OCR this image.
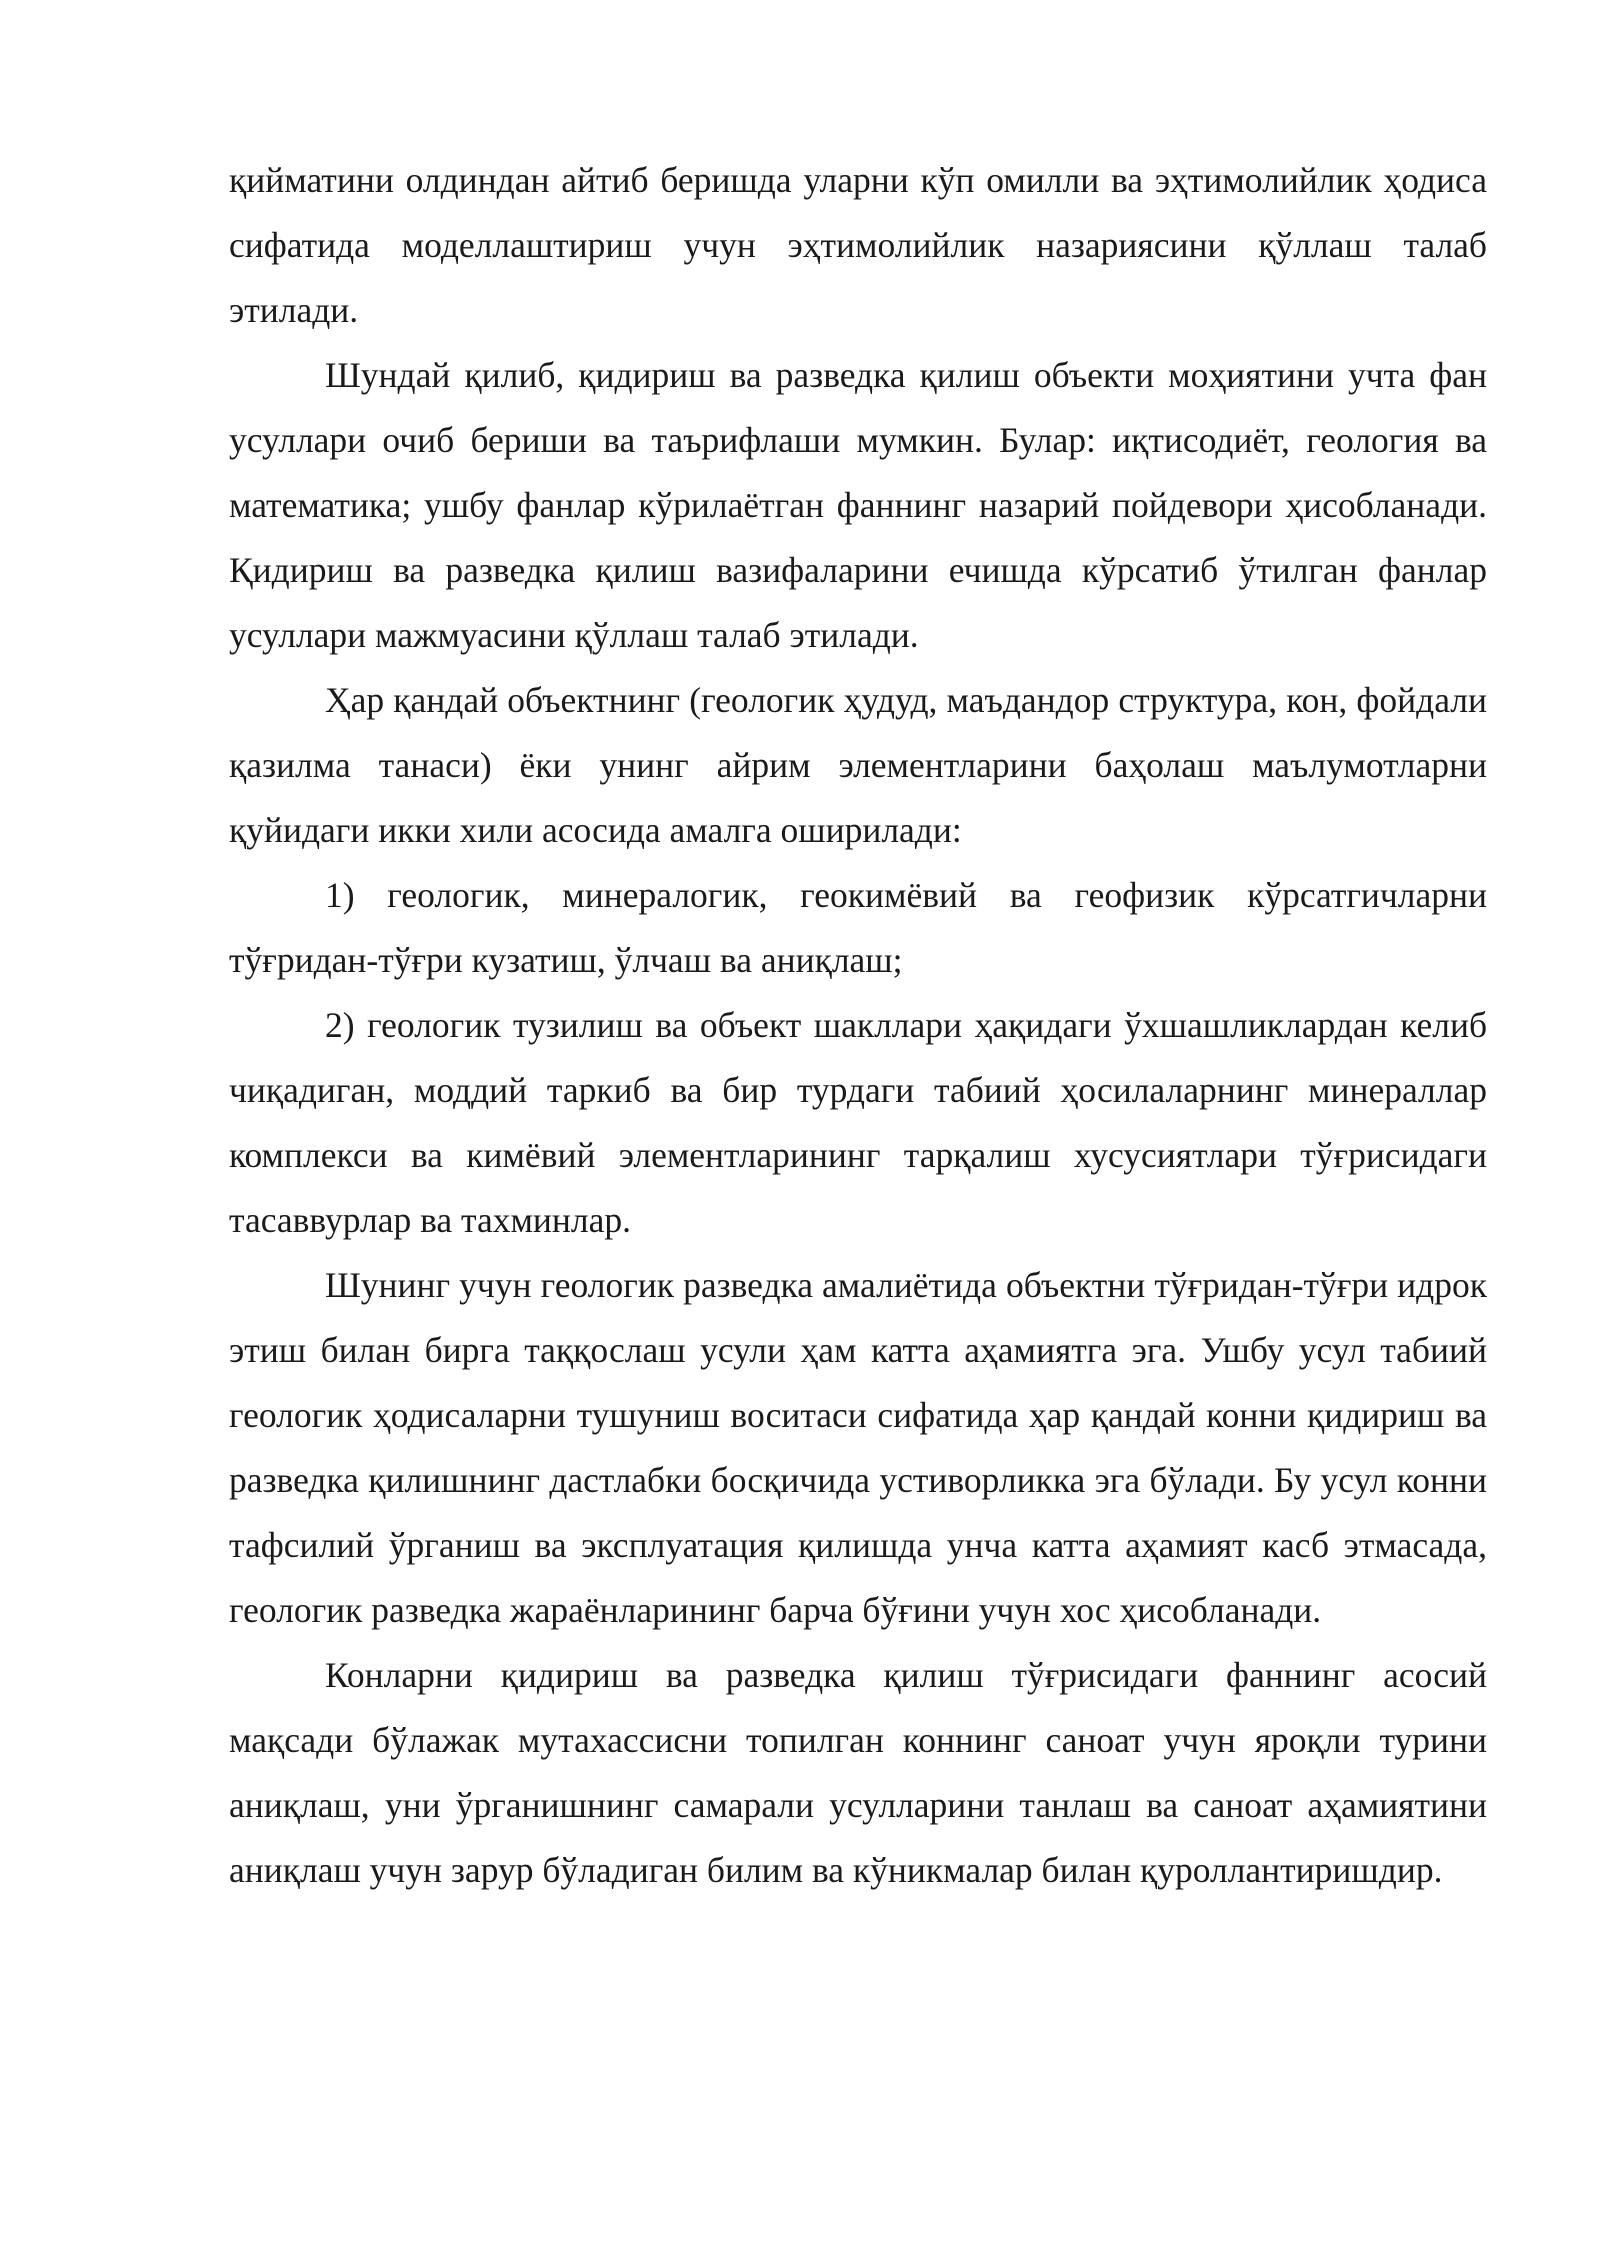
қийматини олдиндан айтиб беришда уларни кўп омилли ва эҳтимолийлик ҳодиса сифатида моделлаштириш учун эҳтимолийлик назариясини қўллаш талаб этилади.

Шундай қилиб, қидириш ва разведка қилиш объекти моҳиятини учта фан усуллари очиб бериши ва таърифлаши мумкин. Булар: иқтисодиёт, геология ва математика; ушбу фанлар кўрилаётган фаннинг назарий пойдевори ҳисобланади. Қидириш ва разведка қилиш вазифаларини ечишда кўрсатиб ўтилган фанлар усуллари мажмуасини қўллаш талаб этилади.

Ҳар қандай объектнинг (геологик ҳудуд, маъдандор структура, кон, фойдали қазилма танаси) ёки унинг айрим элементларини баҳолаш маълумотларни қуйидаги икки хили асосида амалга оширилади:

1) геологик, минералогик, геокимёвий ва геофизик кўрсатгичларни тўғридан-тўғри кузатиш, ўлчаш ва аниқлаш;

2) геологик тузилиш ва объект шакллари ҳақидаги ўхшашликлардан келиб чиқадиган, моддий таркиб ва бир турдаги табиий ҳосилаларнинг минераллар комплекси ва кимёвий элементларининг тарқалиш хусусиятлари тўғрисидаги тасаввурлар ва тахминлар.

Шунинг учун геологик разведка амалиётида объектни тўғридан-тўғри идрок этиш билан бирга таққослаш усули ҳам катта аҳамиятга эга. Ушбу усул табиий геологик ҳодисаларни тушуниш воситаси сифатида ҳар қандай конни қидириш ва разведка қилишнинг дастлабки босқичида устиворликка эга бўлади. Бу усул конни тафсилий ўрганиш ва эксплуатация қилишда унча катта аҳамият касб этмасада, геологик разведка жараёнларининг барча бўғини учун хос ҳисобланади.

Конларни қидириш ва разведка қилиш тўғрисидаги фаннинг асосий мақсади бўлажак мутахассисни топилган коннинг саноат учун яроқли турини аниқлаш, уни ўрганишнинг самарали усулларини танлаш ва саноат аҳамиятини аниқлаш учун зарур бўладиган билим ва кўникмалар билан қуроллантиришдир.
